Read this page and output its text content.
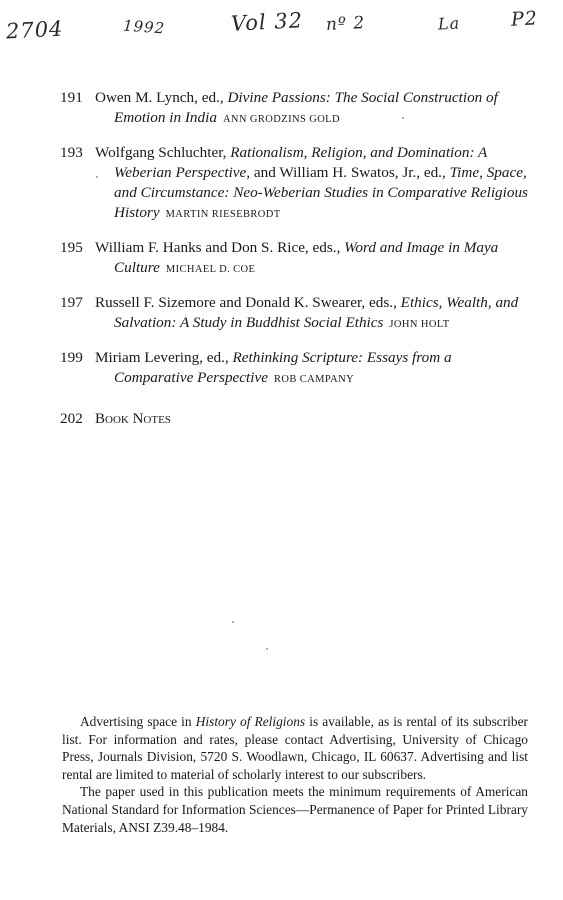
2704	1992	Vol 32 nº 2	La	P2
191 Owen M. Lynch, ed., Divine Passions: The Social Construction of Emotion in India ANN GRODZINS GOLD
193 Wolfgang Schluchter, Rationalism, Religion, and Domination: A Weberian Perspective, and William H. Swatos, Jr., ed., Time, Space, and Circumstance: Neo-Weberian Studies in Comparative Religious History MARTIN RIESEBRODT
195 William F. Hanks and Don S. Rice, eds., Word and Image in Maya Culture MICHAEL D. COE
197 Russell F. Sizemore and Donald K. Swearer, eds., Ethics, Wealth, and Salvation: A Study in Buddhist Social Ethics JOHN HOLT
199 Miriam Levering, ed., Rethinking Scripture: Essays from a Comparative Perspective ROB CAMPANY
202 Book Notes

Advertising space in History of Religions is available, as is rental of its subscriber list. For information and rates, please contact Advertising, University of Chicago Press, Journals Division, 5720 S. Woodlawn, Chicago, IL 60637. Advertising and list rental are limited to material of scholarly interest to our subscribers.

The paper used in this publication meets the minimum requirements of American National Standard for Information Sciences—Permanence of Paper for Printed Library Materials, ANSI Z39.48–1984.
